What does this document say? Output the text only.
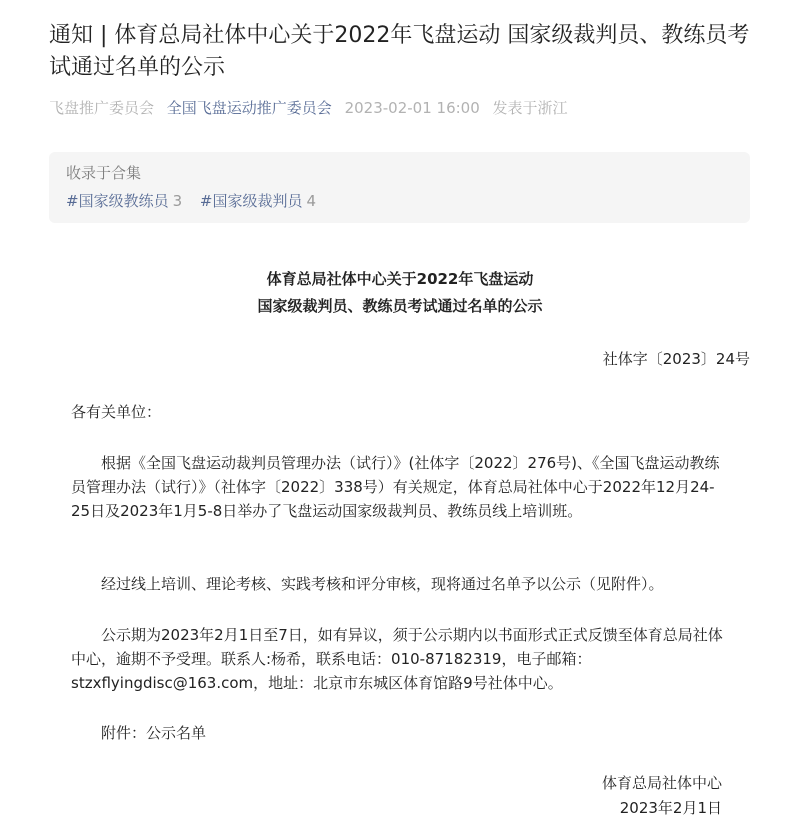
通知 | 体育总局社体中心关于2022年飞盘运动 国家级裁判员、教练员考试通过名单的公示
飞盘推广委员会 全国飞盘运动推广委员会 2023-02-01 16:00 发表于浙江
收录于合集
#国家级教练员 3 #国家级裁判员 4
体育总局社体中心关于2022年飞盘运动
国家级裁判员、教练员考试通过名单的公示
社体字〔2023〕24号

各有关单位：

根据《全国飞盘运动裁判员管理办法（试行）》(社体字〔2022〕276号)、《全国飞盘运动教练员管理办法（试行）》（社体字〔2022〕338号）有关规定，体育总局社体中心于2022年12月24-25日及2023年1月5-8日举办了飞盘运动国家级裁判员、教练员线上培训班。

经过线上培训、理论考核、实践考核和评分审核，现将通过名单予以公示（见附件）。

公示期为2023年2月1日至7日，如有异议，须于公示期内以书面形式正式反馈至体育总局社体中心，逾期不予受理。联系人:杨希，联系电话：010-87182319，电子邮箱：stzxflyingdisc@163.com，地址：北京市东城区体育馆路9号社体中心。

附件：公示名单

体育总局社体中心
2023年2月1日
